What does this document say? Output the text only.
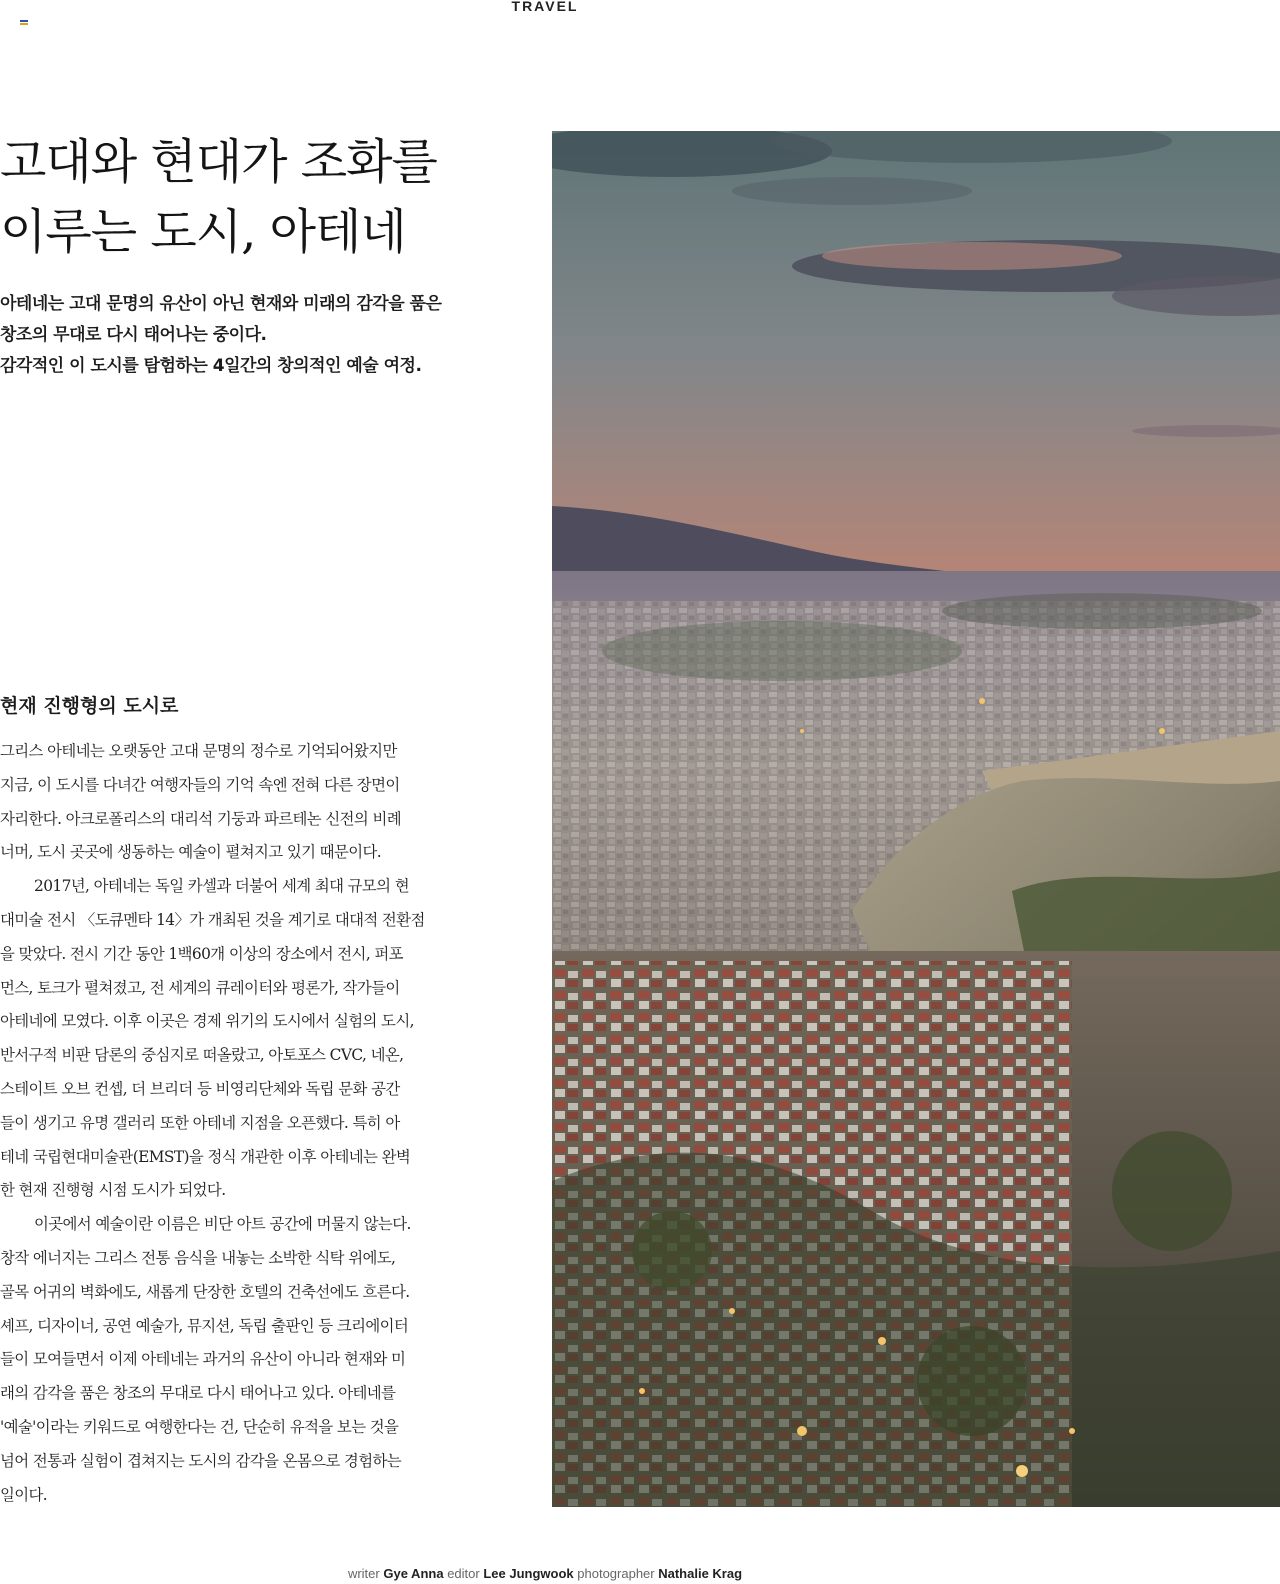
TRAVEL
고대와 현대가 조화를
이루는 도시, 아테네

아테네는 고대 문명의 유산이 아닌 현재와 미래의 감각을 품은
창조의 무대로 다시 태어나는 중이다.
감각적인 이 도시를 탐험하는 4일간의 창의적인 예술 여정.

현재 진행형의 도시로
그리스 아테네는 오랫동안 고대 문명의 정수로 기억되어왔지만
지금, 이 도시를 다녀간 여행자들의 기억 속엔 전혀 다른 장면이
자리한다. 아크로폴리스의 대리석 기둥과 파르테논 신전의 비례
너머, 도시 곳곳에 생동하는 예술이 펼쳐지고 있기 때문이다.
2017년, 아테네는 독일 카셀과 더불어 세계 최대 규모의 현
대미술 전시 〈도큐멘타 14〉가 개최된 것을 계기로 대대적 전환점
을 맞았다. 전시 기간 동안 1백60개 이상의 장소에서 전시, 퍼포
먼스, 토크가 펼쳐졌고, 전 세계의 큐레이터와 평론가, 작가들이
아테네에 모였다. 이후 이곳은 경제 위기의 도시에서 실험의 도시,
반서구적 비판 담론의 중심지로 떠올랐고, 아토포스 CVC, 네온,
스테이트 오브 컨셉, 더 브리더 등 비영리단체와 독립 문화 공간
들이 생기고 유명 갤러리 또한 아테네 지점을 오픈했다. 특히 아
테네 국립현대미술관(EMST)을 정식 개관한 이후 아테네는 완벽
한 현재 진행형 시점 도시가 되었다.
이곳에서 예술이란 이름은 비단 아트 공간에 머물지 않는다.
창작 에너지는 그리스 전통 음식을 내놓는 소박한 식탁 위에도,
골목 어귀의 벽화에도, 새롭게 단장한 호텔의 건축선에도 흐른다.
셰프, 디자이너, 공연 예술가, 뮤지션, 독립 출판인 등 크리에이터
들이 모여들면서 이제 아테네는 과거의 유산이 아니라 현재와 미
래의 감각을 품은 창조의 무대로 다시 태어나고 있다. 아테네를
'예술'이라는 키워드로 여행한다는 건, 단순히 유적을 보는 것을
넘어 전통과 실험이 겹쳐지는 도시의 감각을 온몸으로 경험하는
일이다.
writer Gye Anna editor Lee Jungwook photographer Nathalie Krag
